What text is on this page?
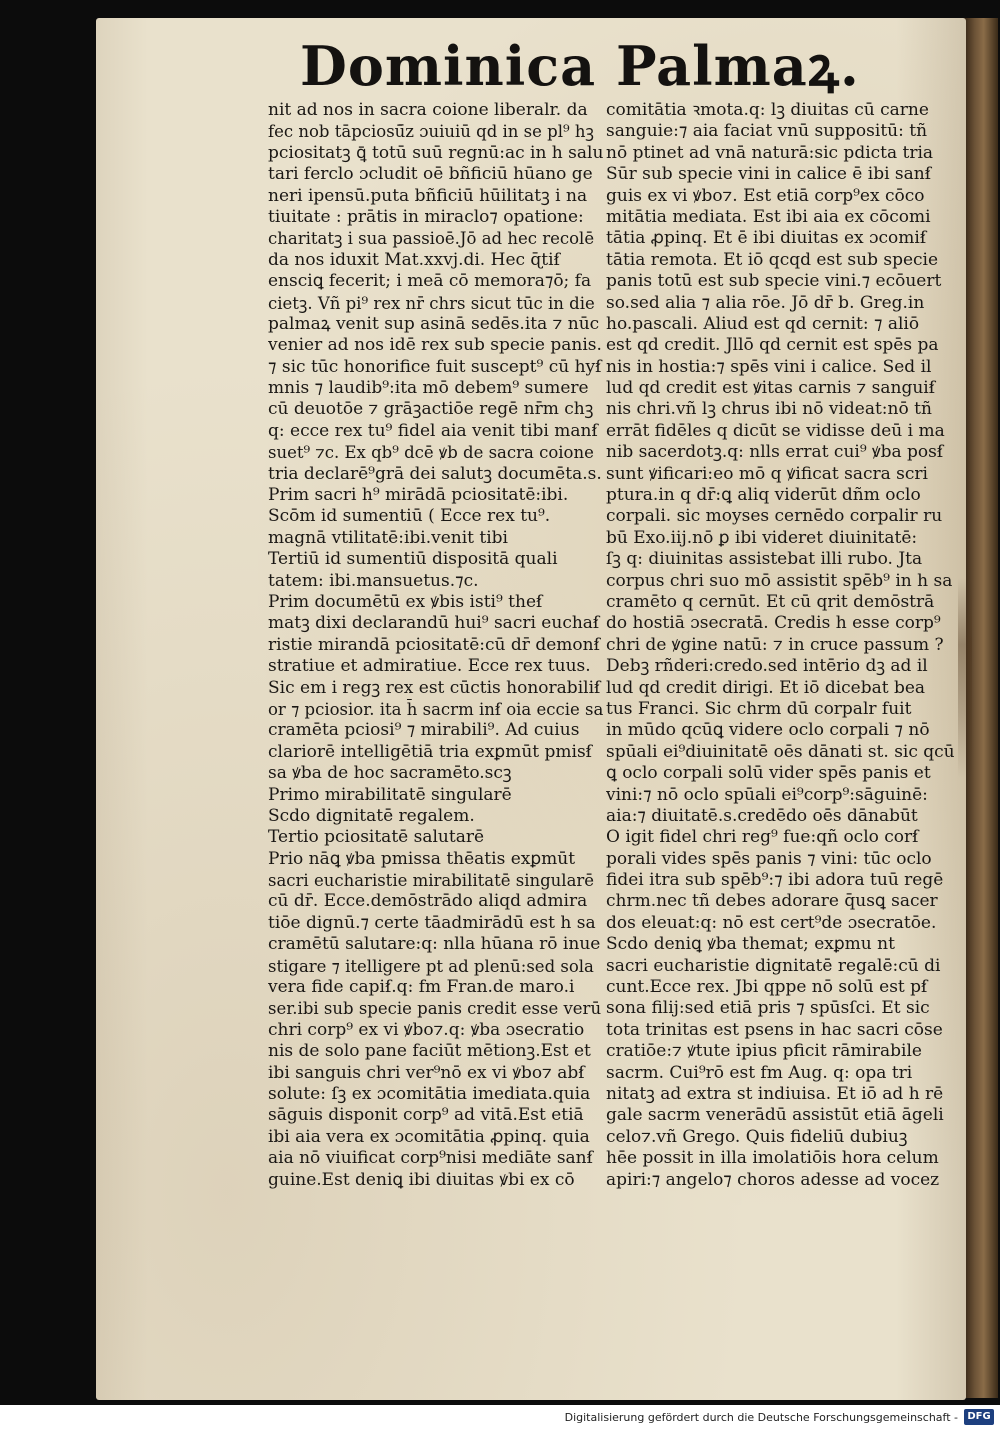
Dominica Palmaꝝ.
nit ad nos in sacra coione liberal̄r. da
fec nob tāpciosū̄z ɔuiuiū qd in se pl⁹ hꝫ
pciositatꝫ ꝗ̄ totū suū regnū:ac in h̄ salu
tari ferclo ɔcludit oē bñficiū hūano ge
neri ipensū.puta bñficiū hūilitatꝫ i na
tiuitate : prātis in miraclo⁊ opatione:
charitatꝫ i sua passioē.Jō ad hec recolē
da nos iduxit Mat.xxvj.di. Hec ɋ̄tiẜ
ensciꝗ fecerit; i meā cō memora⁊ō; fa
cietꝫ. Vñ pi⁹ rex nr̄ chrs sicut tūc in die
palmaꝝ venit sup asinā sedēs.ita ⁊ nūc
venier ad nos idē rex sub specie panis.
⁊ sic tūc honorifice fuit suscept⁹ cū hyẜ
mnis ⁊ laudib⁹:ita mō debem⁹ sumere
cū deuotōe ⁊ grāꝫactiōe regē nr̄m chꝫ
q: ecce rex tu⁹ fidel̄ aia venit tibi manẜ
suet⁹ ⁊c. Ex qb⁹ dcē ꝟb de sacra coione
tria declarē⁹grā dei salutꝫ documēta.s.
Prim sacri h⁹ mirādā pciositatē:ibi.
Scōm id sumentiū ( Ecce rex tu⁹.
magnā vtilitatē:ibi.venit tibi
Tertiū id sumentiū dispositā quali
tatem: ibi.mansuetus.⁊c.
Prim documētū ex ꝟbis isti⁹ theẜ
matꝫ dixi declarandū hui⁹ sacri euchaẜ
ristie mirandā pciositatē:cū dr̄ demonẜ
stratiue et admiratiue. Ecce rex tuus.
Sic em i regꝫ rex est cūctis honorabiliẜ
or ⁊ pciosior. ita h̄ sacrm inẜ oia eccie sa
cramēta pciosi⁹ ⁊ mirabili⁹. Ad cuius
clariorē intelligētiā tria exꝑmūt pmisẜ
sa ꝟba de hoc sacramēto.scꝫ
Primo mirabilitatē singularē
Scdo dignitatē regalem.
Tertio pciositatē salutarē
Prio nāꝗ ꝟba pmissa thēatis exꝑmūt
sacri eucharistie mirabilitatē singularē
cū dr̄. Ecce.demōstrādo aliqd admira
tiōe dignū.⁊ certe tāadmirādū est h̄ sa
cramētū salutare:q: nll̄a hūana rō inue
stigare ⁊ itelligere pt ad plenū:sed sola
vera fide capiẜ.q: fm Fran.de maro.i
ser.ibi sub specie panis credit esse verū
chri corp⁹ ex vi ꝟbo⁊.q: ꝟba ɔsecratio
nis de solo pane faciūt mētionꝫ.Est et
ibi sanguis chri ver⁹nō ex vi ꝟbo⁊ abẜ
solute: ſꝫ ex ɔcomitātia imediata.quia
sāguis disponit corp⁹ ad vitā.Est etiā
ibi aia vera ex ɔcomitātia ꝓpinq. quia
aia nō viuificat corp⁹nisi mediāte sanẜ
guine.Est deniꝗ ibi diuitas ꝟbi ex cō
comitātia ꝛmota.q: lꝫ diuitas cū carne
sanguie:⁊ aia faciat vnū suppositū: tñ
nō ptinet ad vnā naturā:sic pdicta tria
Sūr sub specie vini in calice ē ibi sanẜ
guis ex vi ꝟbo⁊. Est etiā corp⁹ex cōco
mitātia mediata. Est ibi aia ex cōcomi
tātia ꝓpinq. Et ē ibi diuitas ex ɔcomiẜ
tātia remota. Et iō qcqd est sub specie
panis totū est sub specie vini.⁊ ecōuert
so.sed alia ⁊ alia rōe. Jō dr̄ b. Greg.in
ho.pascali. Aliud est qd cernit: ⁊ aliō
est qd credit. Jllō qd cernit est spēs pa
nis in hostia:⁊ spēs vini i calice. Sed il
lud qd credit est ꝟitas carnis ⁊ sanguiẜ
nis chri.vñ lꝫ chrus ibi nō videat:nō tñ
errāt fidēles q dicūt se vidisse deū i ma
nib sacerdotꝫ.q: nll̄s errat cui⁹ ꝟba posẜ
sunt ꝟificari:eo mō q ꝟificat sacra scri
ptura.in q dr̄:ꝗ aliq viderūt dñm oclo
corpali. sic moyses cernēdo corpalir ru
bū Exo.iij.nō ꝑ ibi videret diuinitatē:
ſꝫ q: diuinitas assistebat illi rubo. Jta
corpus chri suo mō assistit spēb⁹ in h̄ sa
cramēto q cernūt. Et cū qrit demōstrā
do hostiā ɔsecratā. Credis h̄ esse corp⁹
chri de ꝟgine natū: ⁊ in cruce passum ?
Debꝫ rñderi:credo.sed intērio dꝫ ad il
lud qd credit dirigi. Et iō dicebat bea
tus Franci. Sic chrm dū corpal̄r fuit
in mūdo qcūꝗ videre oclo corpali ⁊ nō
spūali ei⁹diuinitatē oēs dānati st. sic qcū
ꝗ oclo corpali solū vider spēs panis et
vini:⁊ nō oclo spūali ei⁹corp⁹:sāguinē:
aia:⁊ diuitatē.s.credēdo oēs dānabūt
O igit fidel̄ chri reg⁹ fue:qñ oclo corẜ
porali vides spēs panis ⁊ vini: tūc oclo
fidei itra sub spēb⁹:⁊ ibi adora tuū regē
chrm.nec tñ debes adorare q̄usꝗ sacer
dos eleuat:q: nō est cert⁹de ɔsecratōe.
Scdo deniꝗ ꝟba themat; exꝑmu nt
sacri eucharistie dignitatē regalē:cū di
cunt.Ecce rex. Jbi qppe nō solū est pẜ
sona filij:sed etiā pris ⁊ spūsſci. Et sic
tota trinitas est psens in hac sacri cōse
cratiōe:⁊ ꝟtute ipius pficit rāmirabile
sacrm. Cui⁹rō est fm Aug. q: opa tri
nitatꝫ ad extra st indiuisa. Et iō ad h̄ rē
gale sacrm venerādū assistūt etiā āgeli
celo⁊.vñ Grego. Quis fideliū dubiuꝫ
hēe possit in illa imolatiōis hora celum
apiri:⁊ angelo⁊ choros adesse ad vocez
Digitalisierung gefördert durch die Deutsche Forschungsgemeinschaft - DFG
